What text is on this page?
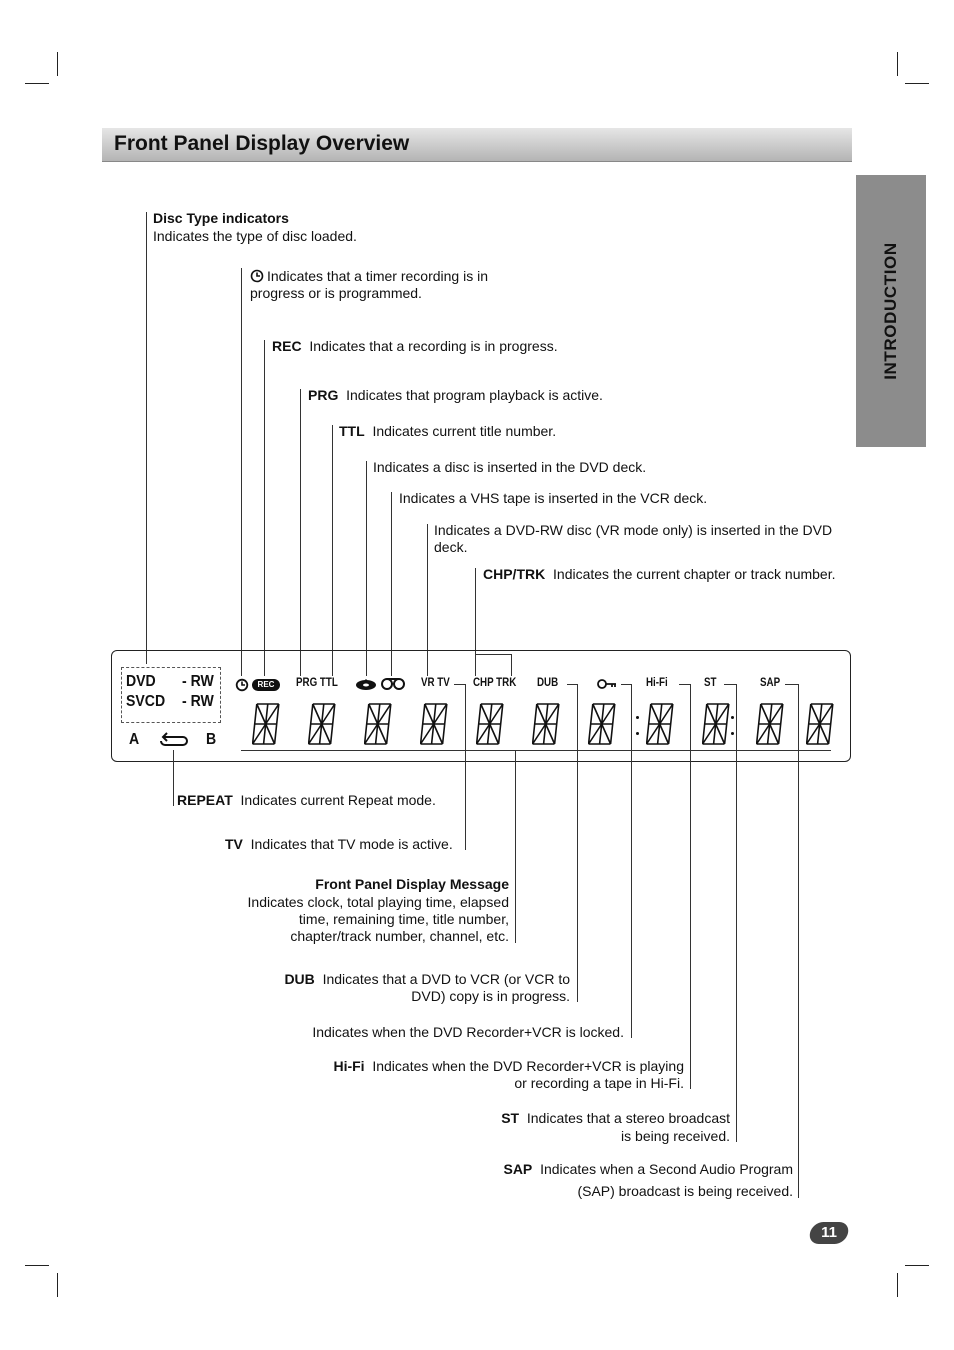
Front Panel Display Overview
INTRODUCTION
Disc Type indicators
Indicates the type of disc loaded.
Indicates that a timer recording is in
progress or is programmed.
REC Indicates that a recording is in progress.
PRG Indicates that program playback is active.
TTL Indicates current title number.
Indicates a disc is inserted in the DVD deck.
Indicates a VHS tape is inserted in the VCR deck.
Indicates a DVD-RW disc (VR mode only) is inserted in the DVD
deck.
CHP/TRK Indicates the current chapter or track number.
DVD - RW
SVCD - RW
A	B
REC	PRG TTL	VR TV CHP TRK DUB	Hi-Fi	ST	SAP
REPEAT Indicates current Repeat mode.
TV Indicates that TV mode is active.
Front Panel Display Message
Indicates clock, total playing time, elapsed
time, remaining time, title number,
chapter/track number, channel, etc.
DUB Indicates that a DVD to VCR (or VCR to
DVD) copy is in progress.
Indicates when the DVD Recorder+VCR is locked.
Hi-Fi Indicates when the DVD Recorder+VCR is playing
or recording a tape in Hi-Fi.
ST Indicates that a stereo broadcast
is being received.
SAP Indicates when a Second Audio Program
(SAP) broadcast is being received.
11
